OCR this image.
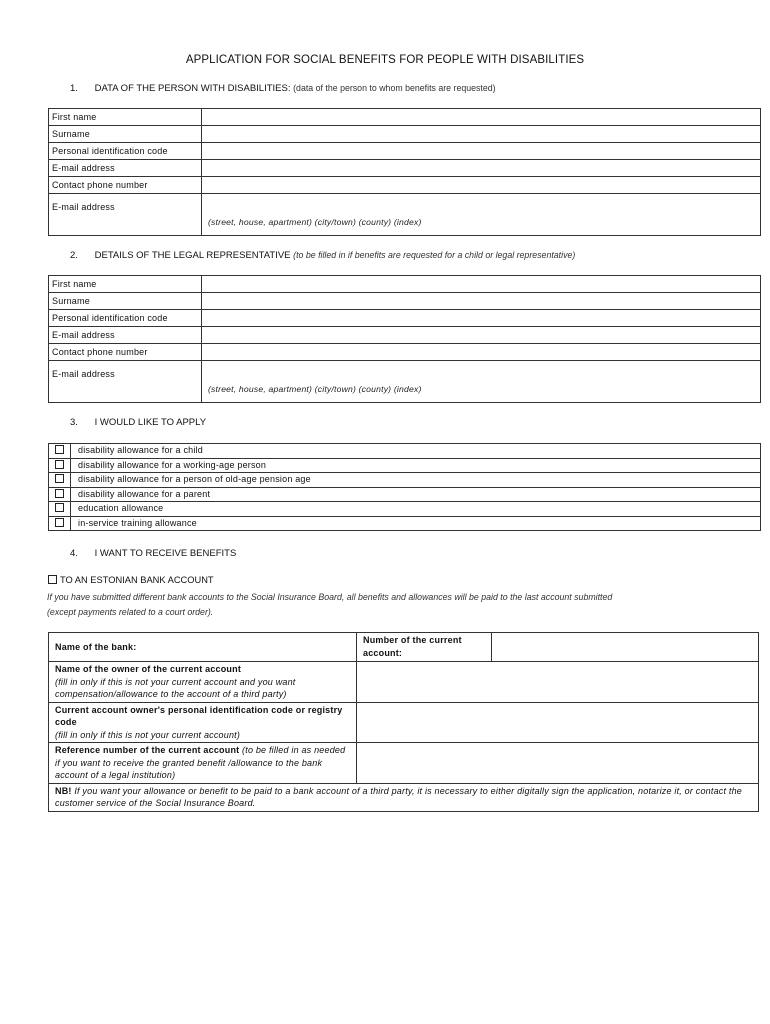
APPLICATION FOR SOCIAL BENEFITS FOR PEOPLE WITH DISABILITIES
1. DATA OF THE PERSON WITH DISABILITIES: (data of the person to whom benefits are requested)
First name	
Surname	
Personal identification code	
E-mail address	
Contact phone number	
E-mail address	(street, house, apartment) (city/town) (county) (index)
2. DETAILS OF THE LEGAL REPRESENTATIVE (to be filled in if benefits are requested for a child or legal representative)
First name	
Surname	
Personal identification code	
E-mail address	
Contact phone number	
E-mail address	(street, house, apartment) (city/town) (county) (index)
3. I WOULD LIKE TO APPLY
	disability allowance for a child
	disability allowance for a working-age person
	disability allowance for a person of old-age pension age
	disability allowance for a parent
	education allowance
	in-service training allowance
4. I WANT TO RECEIVE BENEFITS
TO AN ESTONIAN BANK ACCOUNT
If you have submitted different bank accounts to the Social Insurance Board, all benefits and allowances will be paid to the last account submitted
(except payments related to a court order).
Name of the bank:	Number of the current account:	

Name of the owner of the current account
(fill in only if this is not your current account and you want compensation/allowance to the account of a third party)		

Current account owner's personal identification code or registry code
(fill in only if this is not your current account)		

Reference number of the current account (to be filled in as needed if you want to receive the granted benefit /allowance to the bank account of a legal institution)		
NB! If you want your allowance or benefit to be paid to a bank account of a third party, it is necessary to either digitally sign the application, notarize it, or contact the customer service of the Social Insurance Board.		
